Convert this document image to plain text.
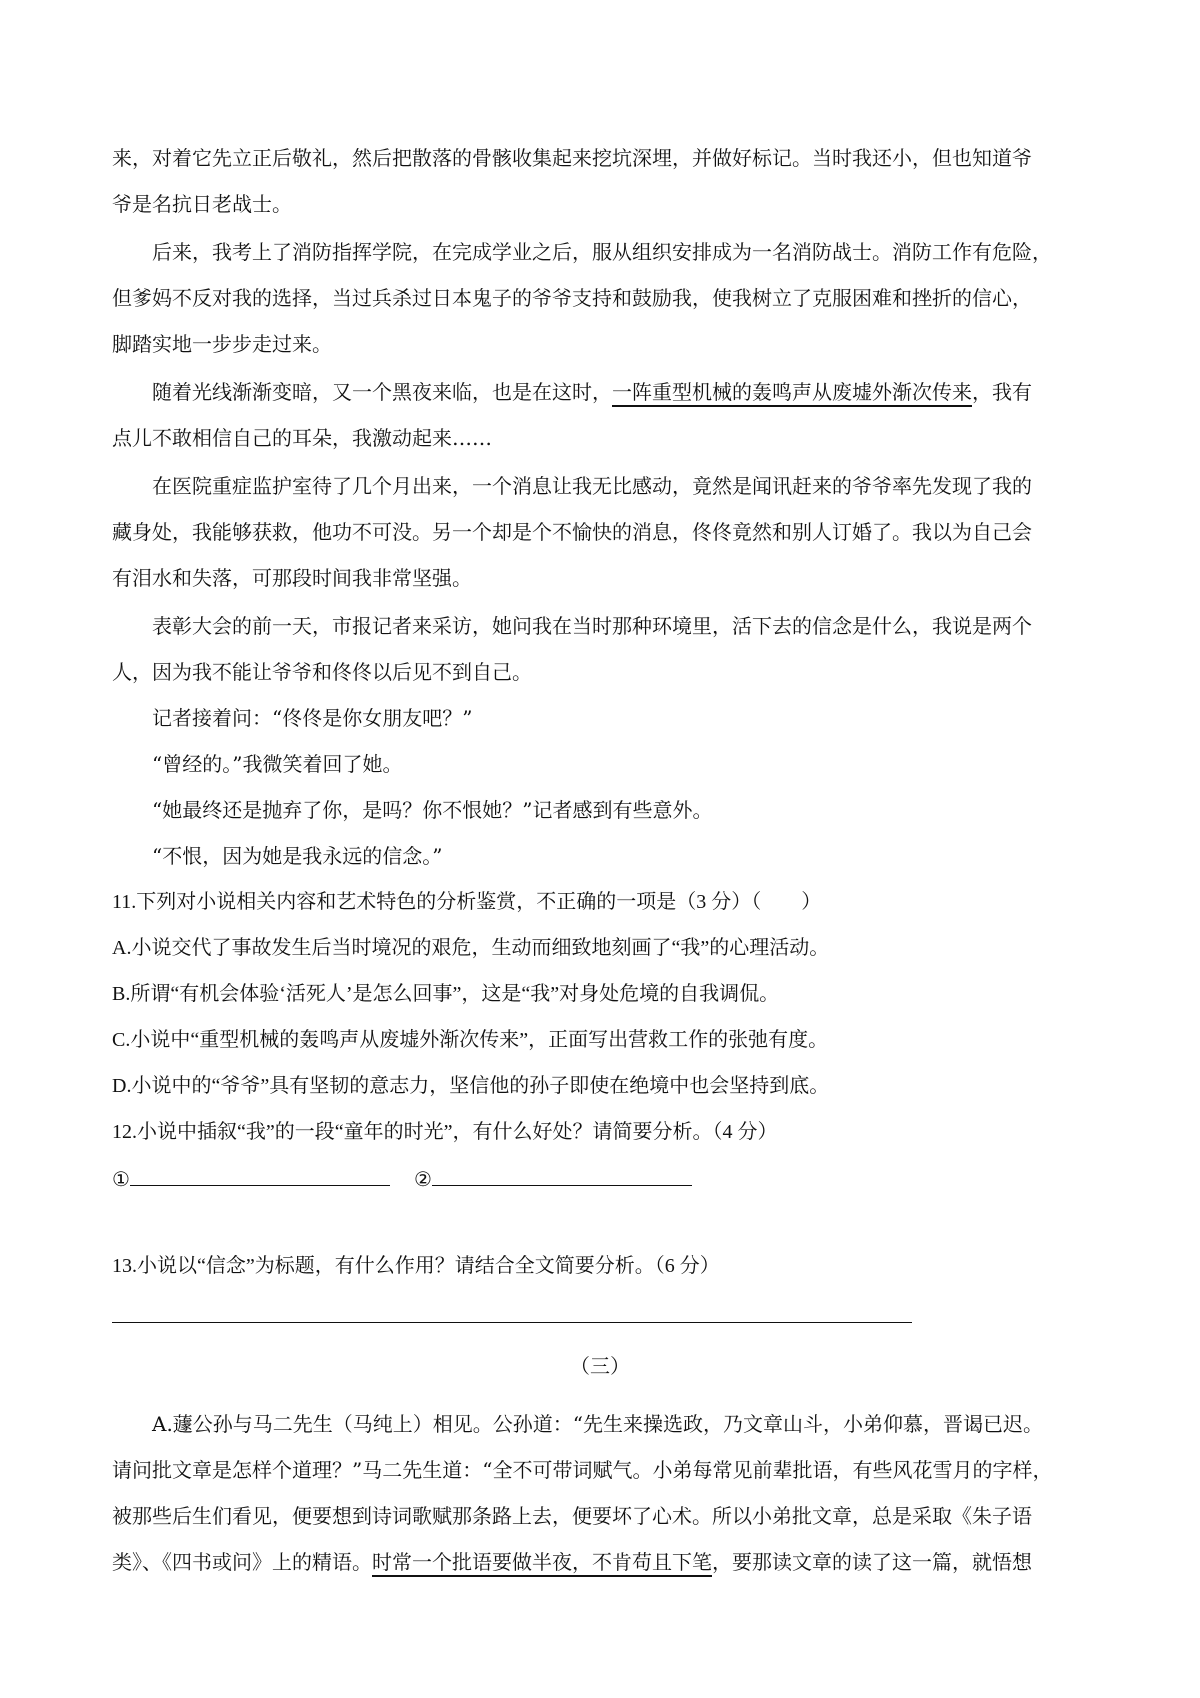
来，对着它先立正后敬礼，然后把散落的骨骸收集起来挖坑深埋，并做好标记。当时我还小，但也知道爷

爷是名抗日老战士。

后来，我考上了消防指挥学院，在完成学业之后，服从组织安排成为一名消防战士。消防工作有危险，

但爹妈不反对我的选择，当过兵杀过日本鬼子的爷爷支持和鼓励我，使我树立了克服困难和挫折的信心，

脚踏实地一步步走过来。

随着光线渐渐变暗，又一个黑夜来临，也是在这时，一阵重型机械的轰鸣声从废墟外渐次传来，我有

点儿不敢相信自己的耳朵，我激动起来……

在医院重症监护室待了几个月出来，一个消息让我无比感动，竟然是闻讯赶来的爷爷率先发现了我的

藏身处，我能够获救，他功不可没。另一个却是个不愉快的消息，佟佟竟然和别人订婚了。我以为自己会

有泪水和失落，可那段时间我非常坚强。

表彰大会的前一天，市报记者来采访，她问我在当时那种环境里，活下去的信念是什么，我说是两个

人，因为我不能让爷爷和佟佟以后见不到自己。

记者接着问：“佟佟是你女朋友吧？”

“曾经的。”我微笑着回了她。

“她最终还是抛弃了你，是吗？你不恨她？”记者感到有些意外。

“不恨，因为她是我永远的信念。”

11.下列对小说相关内容和艺术特色的分析鉴赏，不正确的一项是（3 分）（　　）

A.小说交代了事故发生后当时境况的艰危，生动而细致地刻画了“我”的心理活动。

B.所谓“有机会体验‘活死人’是怎么回事”，这是“我”对身处危境的自我调侃。

C.小说中“重型机械的轰鸣声从废墟外渐次传来”，正面写出营救工作的张弛有度。

D.小说中的“爷爷”具有坚韧的意志力，坚信他的孙子即使在绝境中也会坚持到底。

12.小说中插叙“我”的一段“童年的时光”，有什么好处？请简要分析。（4 分）

①	②

13.小说以“信念”为标题，有什么作用？请结合全文简要分析。（6 分）

（三）

A.蘧公孙与马二先生（马纯上）相见。公孙道：“先生来操选政，乃文章山斗，小弟仰慕，晋谒已迟。

请问批文章是怎样个道理？”马二先生道：“全不可带词赋气。小弟每常见前辈批语，有些风花雪月的字样，

被那些后生们看见，便要想到诗词歌赋那条路上去，便要坏了心术。所以小弟批文章，总是采取《朱子语

类》、《四书或问》上的精语。时常一个批语要做半夜，不肯苟且下笔，要那读文章的读了这一篇，就悟想
